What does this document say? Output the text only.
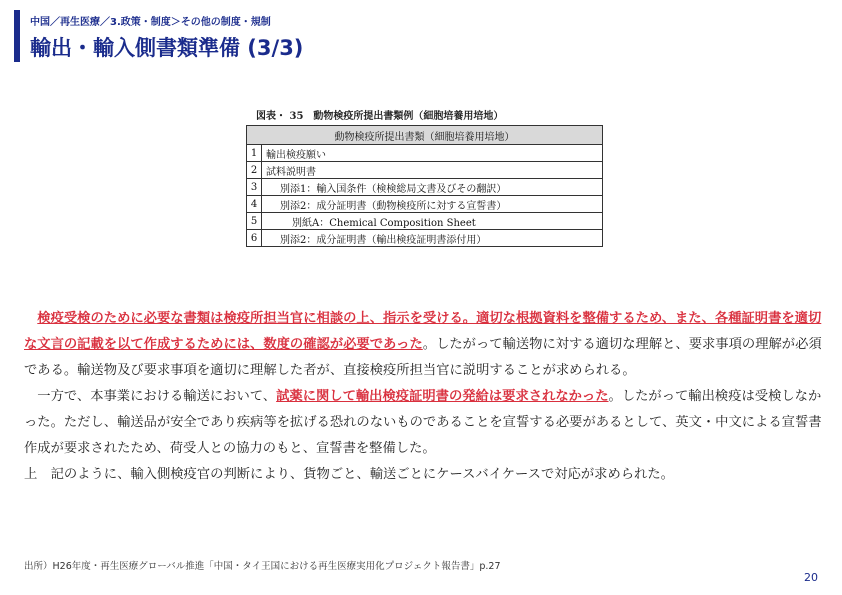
中国／再生医療／3.政策・制度＞その他の制度・規制
輸出・輸入側書類準備 (3/3)
図表・ 35　動物検疫所提出書類例（細胞培養用培地）
動物検疫所提出書類（細胞培養用培地）	
1	輸出検疫願い
2	試料説明書
3	別添1：輸入国条件（検検総局文書及びその翻訳）
4	別添2：成分証明書（動物検疫所に対する宣誓書）
5	別紙A：Chemical Composition Sheet
6	別添2：成分証明書（輸出検疫証明書添付用）

　検疫受検のために必要な書類は検疫所担当官に相談の上、指示を受ける。適切な根拠資料を整備するため、また、各種証明書を適切な文言の記載を以て作成するためには、数度の確認が必要であった。したがって輸送物に対する適切な理解と、要求事項の理解が必須である。輸送物及び要求事項を適切に理解した者が、直接検疫所担当官に説明することが求められる。

　一方で、本事業における輸送において、試薬に関して輸出検疫証明書の発給は要求されなかった。したがって輸出検疫は受検しなかった。ただし、輸送品が安全であり疾病等を拡げる恐れのないものであることを宣誓する必要があるとして、英文・中文による宣誓書作成が要求されたため、荷受人との協力のもと、宣誓書を整備した。

上　記のように、輸入側検疫官の判断により、貨物ごと、輸送ごとにケースバイケースで対応が求められた。

出所）H26年度・再生医療グローバル推進「中国・タイ王国における再生医療実用化プロジェクト報告書」p.27
20
